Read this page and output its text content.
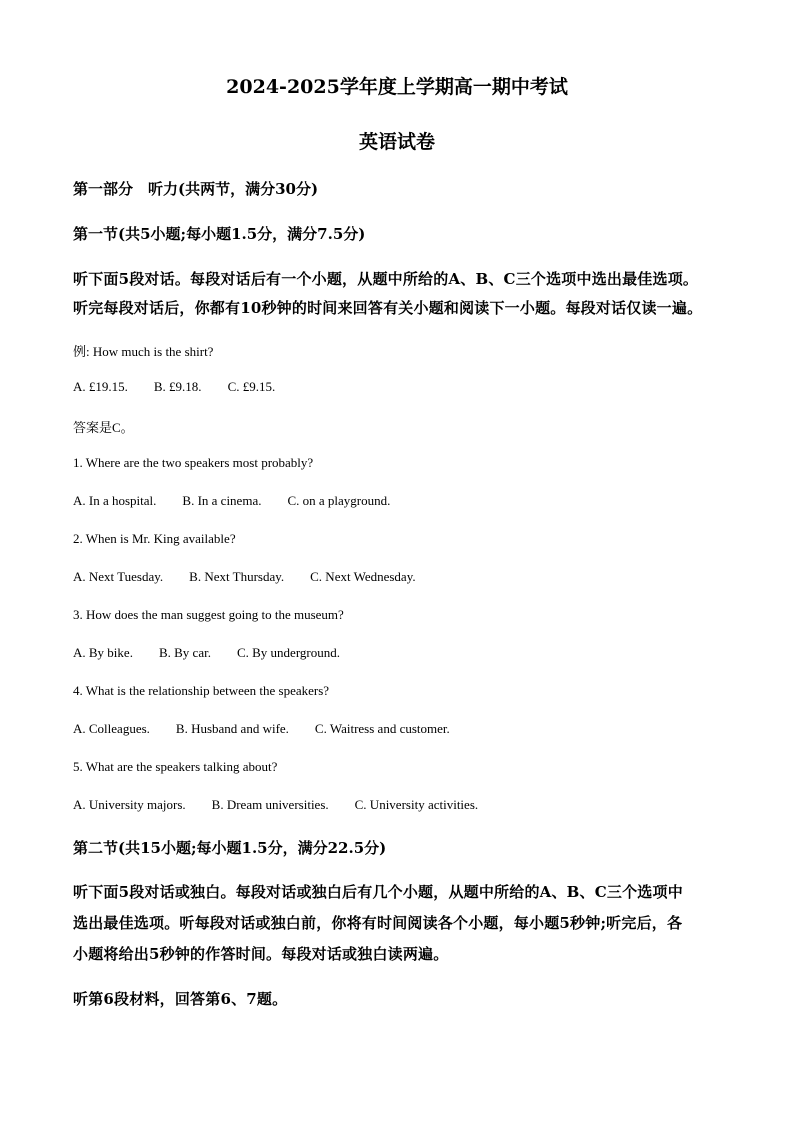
2024-2025学年度上学期高一期中考试
英语试卷
第一部分　听力(共两节，满分30分)
第一节(共5小题;每小题1.5分，满分7.5分)
听下面5段对话。每段对话后有一个小题，从题中所给的A、B、C三个选项中选出最佳选项。
听完每段对话后，你都有10秒钟的时间来回答有关小题和阅读下一小题。每段对话仅读一遍。
例: How much is the shirt?
A. £19.15. B. £9.18. C. £9.15.
答案是C。
1. Where are the two speakers most probably?
A. In a hospital. B. In a cinema. C. on a playground.
2. When is Mr. King available?
A. Next Tuesday. B. Next Thursday. C. Next Wednesday.
3. How does the man suggest going to the museum?
A. By bike. B. By car. C. By underground.
4. What is the relationship between the speakers?
A. Colleagues. B. Husband and wife. C. Waitress and customer.
5. What are the speakers talking about?
A. University majors. B. Dream universities. C. University activities.
第二节(共15小题;每小题1.5分，满分22.5分)
听下面5段对话或独白。每段对话或独白后有几个小题，从题中所给的A、B、C三个选项中
选出最佳选项。听每段对话或独白前，你将有时间阅读各个小题，每小题5秒钟;听完后，各
小题将给出5秒钟的作答时间。每段对话或独白读两遍。
听第6段材料，回答第6、7题。
